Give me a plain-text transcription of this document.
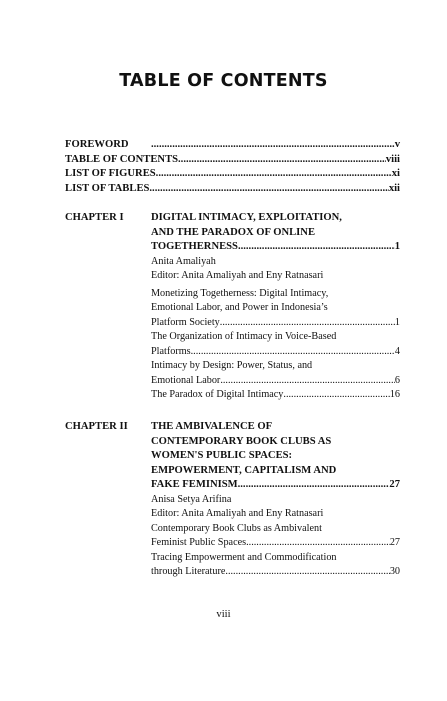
TABLE OF CONTENTS
FOREWORD .....	v
TABLE OF CONTENTS .....	viii
LIST OF FIGURES .....	xi
LIST OF TABLES .....	xii
CHAPTER I	DIGITAL INTIMACY, EXPLOITATION,
AND THE PARADOX OF ONLINE
TOGETHERNESS .....	1
Anita Amaliyah
Editor: Anita Amaliyah and Eny Ratnasari
Monetizing Togetherness: Digital Intimacy,
Emotional Labor, and Power in Indonesia’s
Platform Society .....	1
The Organization of Intimacy in Voice-Based
Platforms .....	4
Intimacy by Design: Power, Status, and
Emotional Labor .....	6
The Paradox of Digital Intimacy .....	16
CHAPTER II THE AMBIVALENCE OF
CONTEMPORARY BOOK CLUBS AS
WOMEN'S PUBLIC SPACES:
EMPOWERMENT, CAPITALISM AND
FAKE FEMINISM .....	27
Anisa Setya Arifina
Editor: Anita Amaliyah and Eny Ratnasari
Contemporary Book Clubs as Ambivalent
Feminist Public Spaces .....	27
Tracing Empowerment and Commodification
through Literature .....	30
viii
